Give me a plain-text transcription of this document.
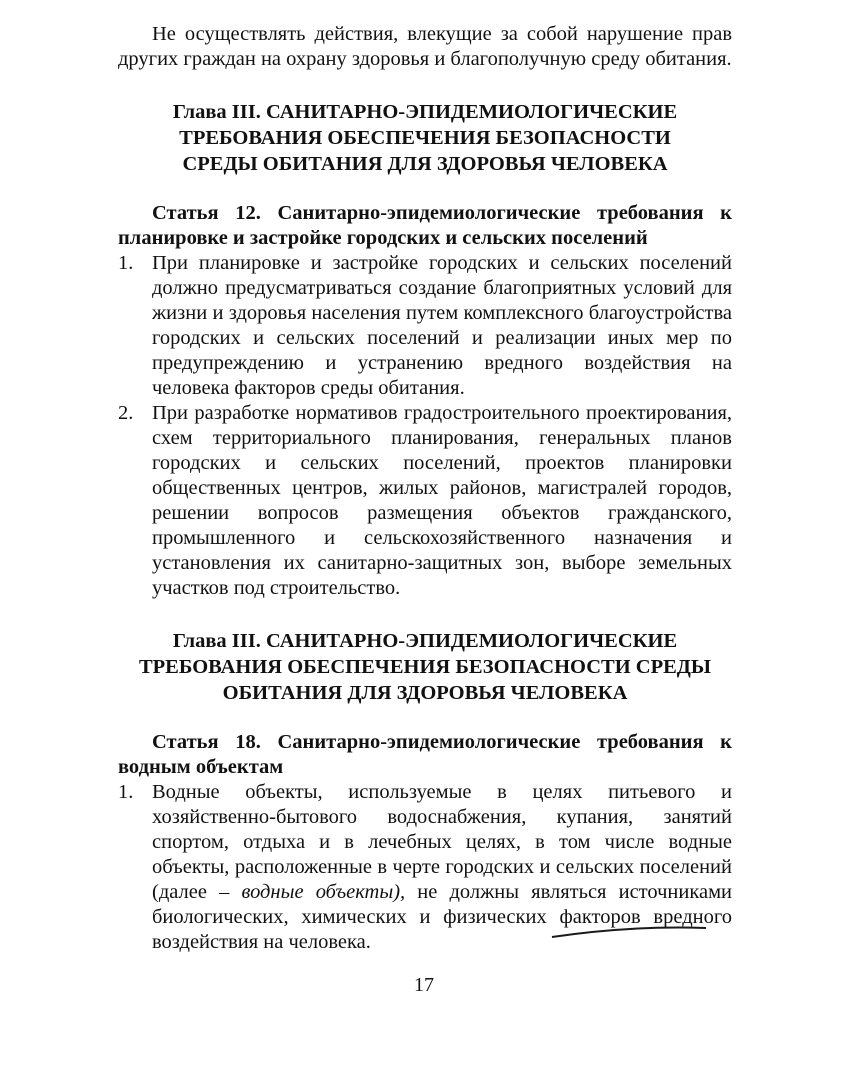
Не осуществлять действия, влекущие за собой нарушение прав других граждан на охрану здоровья и благополучную среду обитания.

Глава III. САНИТАРНО-ЭПИДЕМИОЛОГИЧЕСКИЕ ТРЕБОВАНИЯ ОБЕСПЕЧЕНИЯ БЕЗОПАСНОСТИ СРЕДЫ ОБИТАНИЯ ДЛЯ ЗДОРОВЬЯ ЧЕЛОВЕКА

Статья 12. Санитарно-эпидемиологические требования к планировке и застройке городских и сельских поселений

1. При планировке и застройке городских и сельских поселений должно предусматриваться создание благоприятных условий для жизни и здоровья населения путем комплексного благоустройства городских и сельских поселений и реализации иных мер по предупреждению и устранению вредного воздействия на человека факторов среды обитания.
2. При разработке нормативов градостроительного проектирования, схем территориального планирования, генеральных планов городских и сельских поселений, проектов планировки общественных центров, жилых районов, магистралей городов, решении вопросов размещения объектов гражданского, промышленного и сельскохозяйственного назначения и установления их санитарно-защитных зон, выборе земельных участков под строительство.

Глава III. САНИТАРНО-ЭПИДЕМИОЛОГИЧЕСКИЕ ТРЕБОВАНИЯ ОБЕСПЕЧЕНИЯ БЕЗОПАСНОСТИ СРЕДЫ ОБИТАНИЯ ДЛЯ ЗДОРОВЬЯ ЧЕЛОВЕКА

Статья 18. Санитарно-эпидемиологические требования к водным объектам

1. Водные объекты, используемые в целях питьевого и хозяйственно-бытового водоснабжения, купания, занятий спортом, отдыха и в лечебных целях, в том числе водные объекты, расположенные в черте городских и сельских поселений (далее – водные объекты), не должны являться источниками биологических, химических и физических факторов вредного воздействия на человека.
17
